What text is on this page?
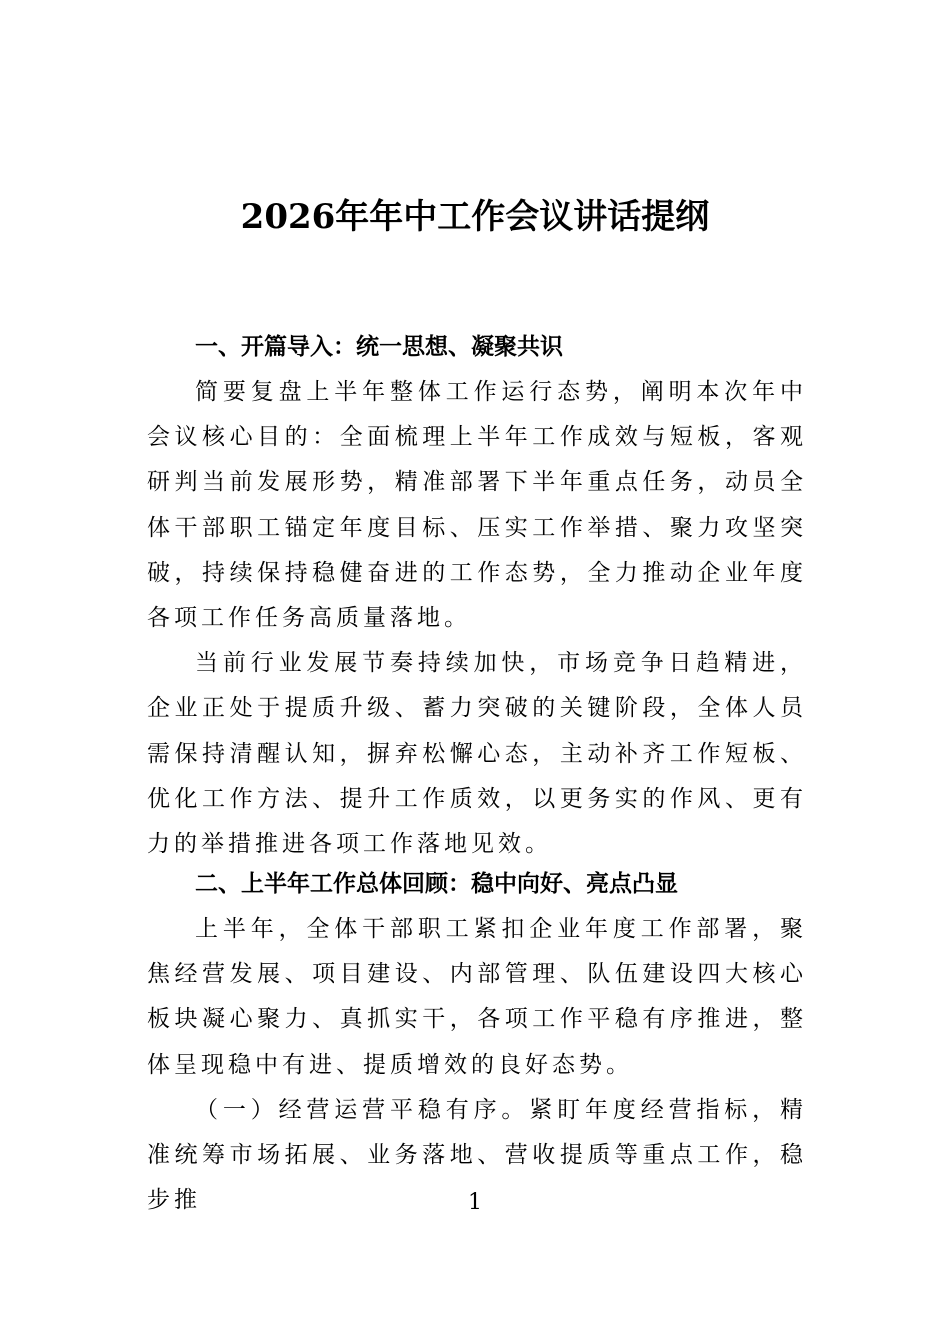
2026年年中工作会议讲话提纲
一、开篇导入：统一思想、凝聚共识

简要复盘上半年整体工作运行态势，阐明本次年中会议核心目的：全面梳理上半年工作成效与短板，客观研判当前发展形势，精准部署下半年重点任务，动员全体干部职工锚定年度目标、压实工作举措、聚力攻坚突破，持续保持稳健奋进的工作态势，全力推动企业年度各项工作任务高质量落地。

当前行业发展节奏持续加快，市场竞争日趋精进，企业正处于提质升级、蓄力突破的关键阶段，全体人员需保持清醒认知，摒弃松懈心态，主动补齐工作短板、优化工作方法、提升工作质效，以更务实的作风、更有力的举措推进各项工作落地见效。

二、上半年工作总体回顾：稳中向好、亮点凸显

上半年，全体干部职工紧扣企业年度工作部署，聚焦经营发展、项目建设、内部管理、队伍建设四大核心板块凝心聚力、真抓实干，各项工作平稳有序推进，整体呈现稳中有进、提质增效的良好态势。

（一）经营运营平稳有序。紧盯年度经营指标，精准统筹市场拓展、业务落地、营收提质等重点工作，稳步推	1
